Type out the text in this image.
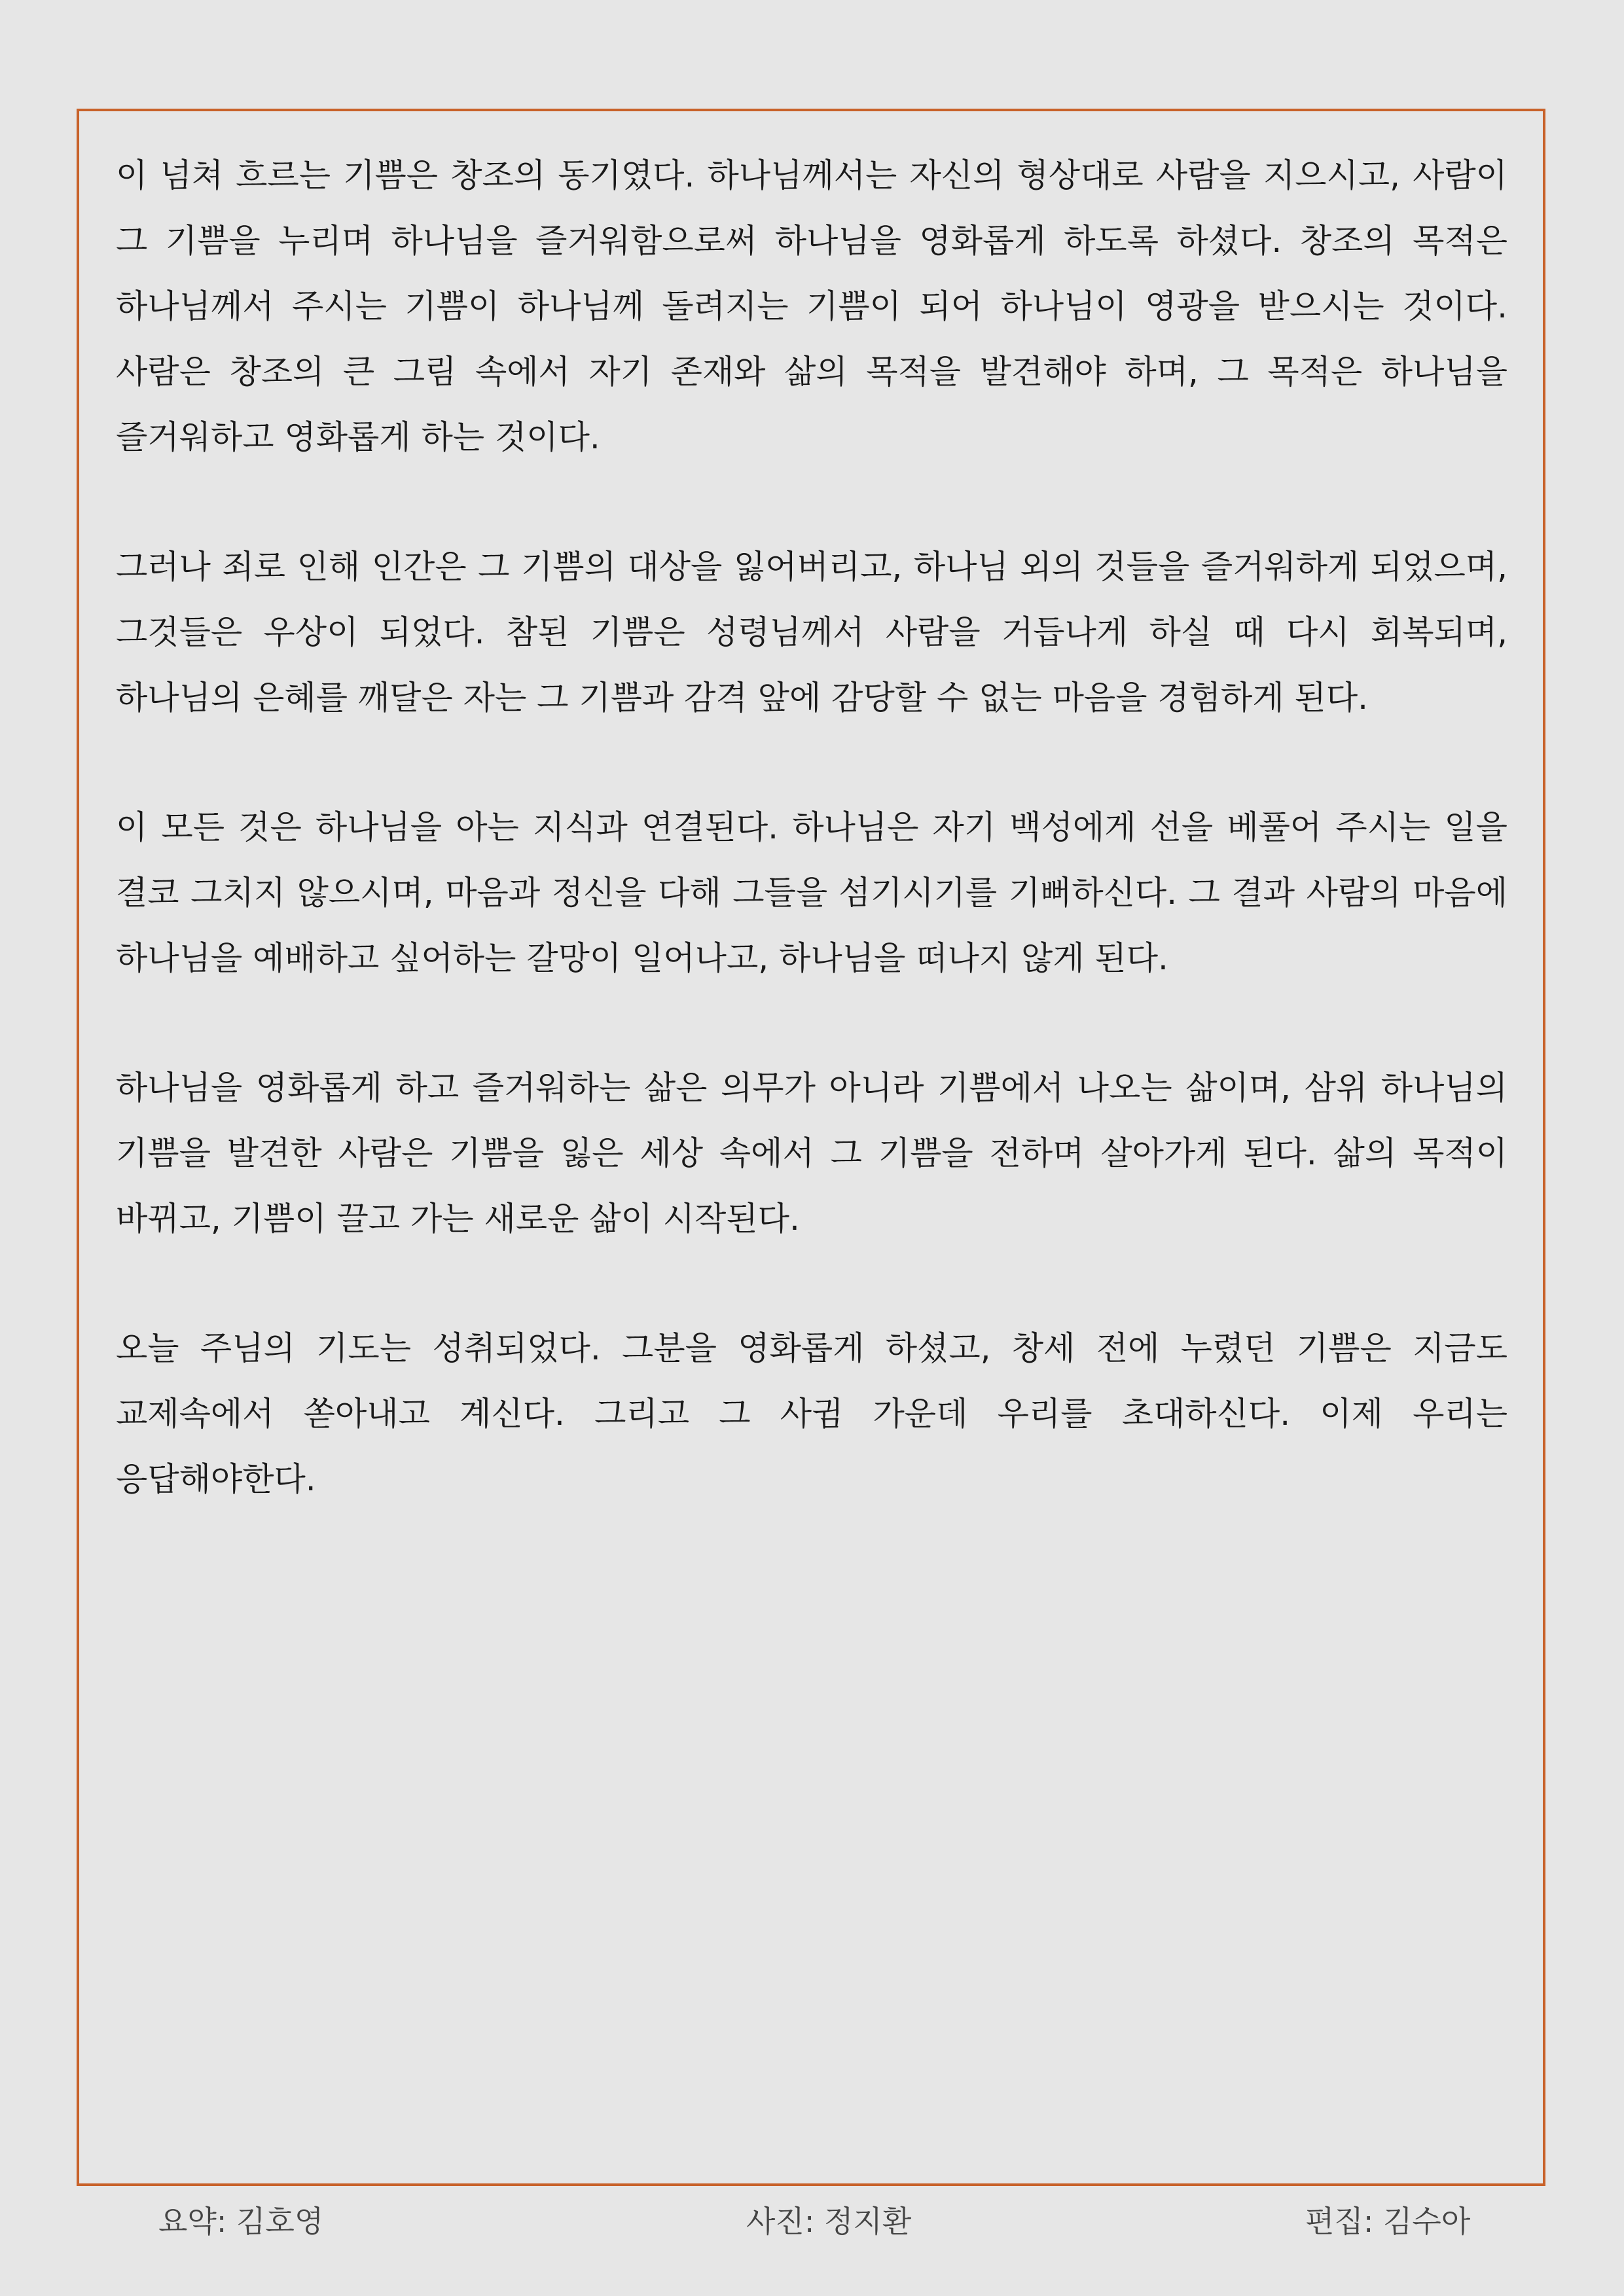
이 넘쳐 흐르는 기쁨은 창조의 동기였다. 하나님께서는 자신의 형상대로 사람을 지으시고, 사람이 그 기쁨을 누리며 하나님을 즐거워함으로써 하나님을 영화롭게 하도록 하셨다. 창조의 목적은 하나님께서 주시는 기쁨이 하나님께 돌려지는 기쁨이 되어 하나님이 영광을 받으시는 것이다. 사람은 창조의 큰 그림 속에서 자기 존재와 삶의 목적을 발견해야 하며, 그 목적은 하나님을 즐거워하고 영화롭게 하는 것이다.

그러나 죄로 인해 인간은 그 기쁨의 대상을 잃어버리고, 하나님 외의 것들을 즐거워하게 되었으며, 그것들은 우상이 되었다. 참된 기쁨은 성령님께서 사람을 거듭나게 하실 때 다시 회복되며, 하나님의 은혜를 깨달은 자는 그 기쁨과 감격 앞에 감당할 수 없는 마음을 경험하게 된다.

이 모든 것은 하나님을 아는 지식과 연결된다. 하나님은 자기 백성에게 선을 베풀어 주시는 일을 결코 그치지 않으시며, 마음과 정신을 다해 그들을 섬기시기를 기뻐하신다. 그 결과 사람의 마음에 하나님을 예배하고 싶어하는 갈망이 일어나고, 하나님을 떠나지 않게 된다.

하나님을 영화롭게 하고 즐거워하는 삶은 의무가 아니라 기쁨에서 나오는 삶이며, 삼위 하나님의 기쁨을 발견한 사람은 기쁨을 잃은 세상 속에서 그 기쁨을 전하며 살아가게 된다. 삶의 목적이 바뀌고, 기쁨이 끌고 가는 새로운 삶이 시작된다.

오늘 주님의 기도는 성취되었다. 그분을 영화롭게 하셨고, 창세 전에 누렸던 기쁨은 지금도 교제속에서 쏟아내고 계신다. 그리고 그 사귐 가운데 우리를 초대하신다. 이제 우리는 응답해야한다.

요약: 김호영	사진: 정지환	편집: 김수아
